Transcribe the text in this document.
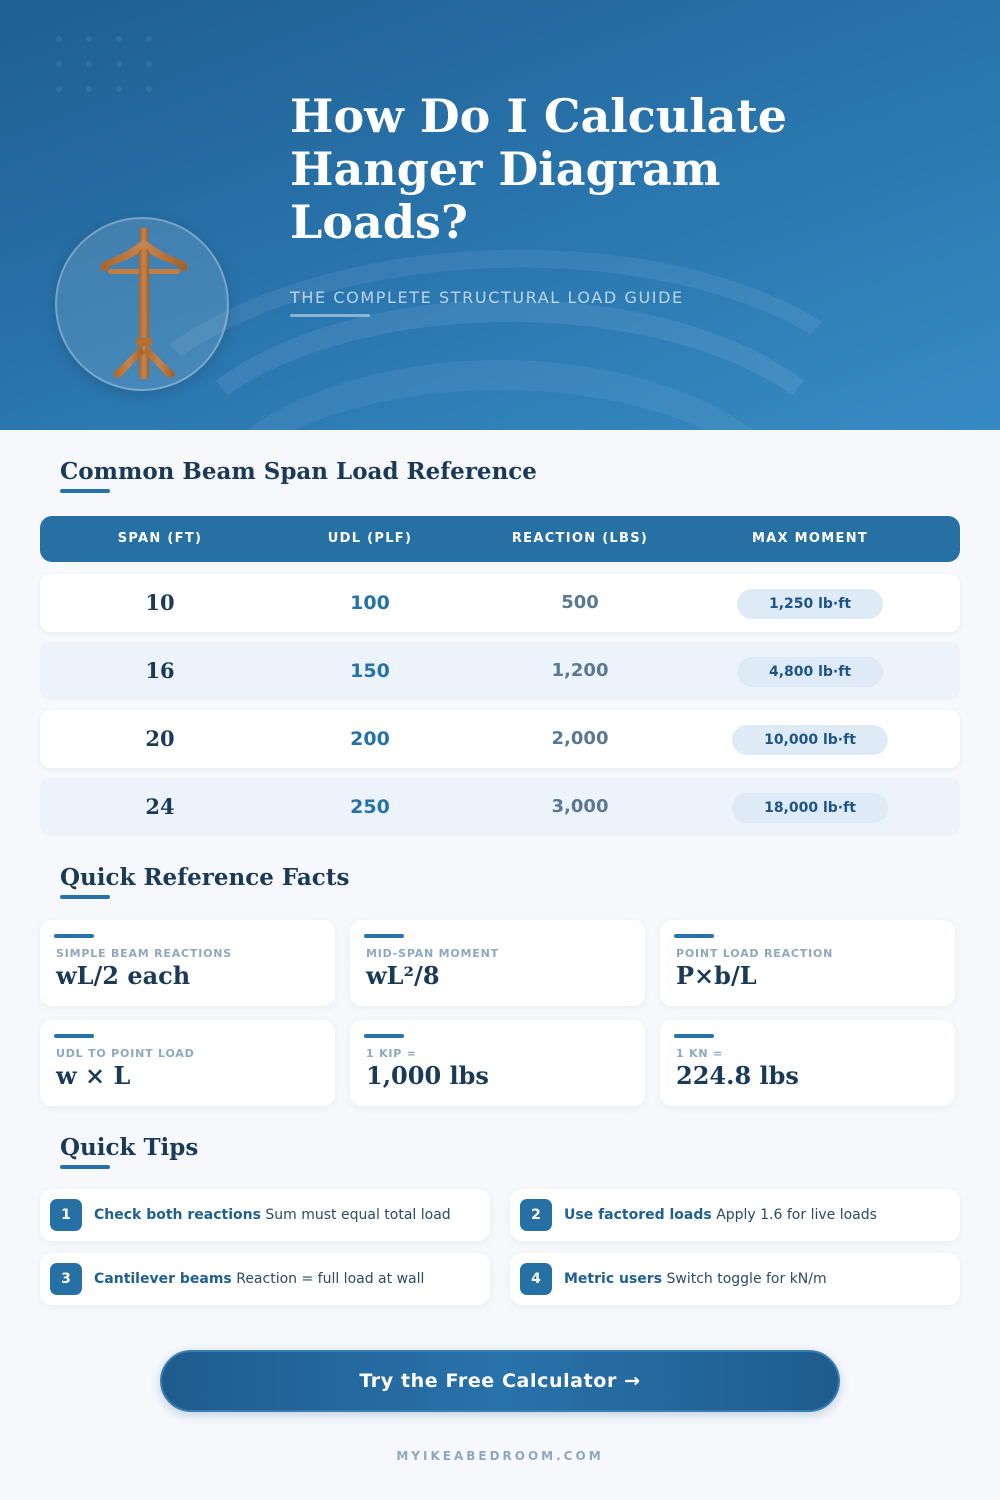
How Do I Calculate Hanger Diagram Loads?
THE COMPLETE STRUCTURAL LOAD GUIDE
Common Beam Span Load Reference
SPAN (FT)	UDL (PLF)	REACTION (LBS)	MAX MOMENT
10	100	500	1,250 lb·ft
16	150	1,200	4,800 lb·ft
20	200	2,000	10,000 lb·ft
24	250	3,000	18,000 lb·ft
Quick Reference Facts
SIMPLE BEAM REACTIONS
wL/2 each
MID-SPAN MOMENT
wL²/8
POINT LOAD REACTION
P×b/L
UDL TO POINT LOAD
w × L
1 KIP =
1,000 lbs
1 KN =
224.8 lbs
Quick Tips
1	Check both reactions Sum must equal total load	2	Use factored loads Apply 1.6 for live loads
3	Cantilever beams Reaction = full load at wall	4	Metric users Switch toggle for kN/m
Try the Free Calculator →
MYIKEABEDROOM.COM
